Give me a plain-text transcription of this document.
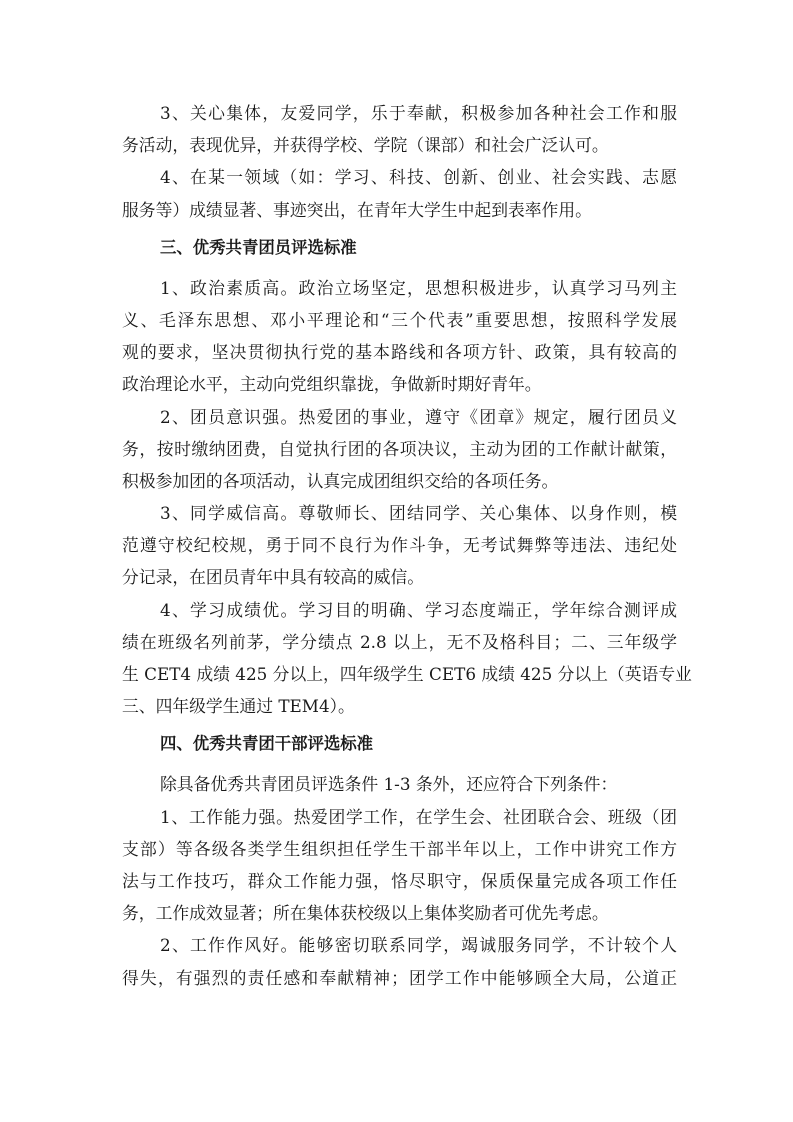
3、关心集体，友爱同学，乐于奉献，积极参加各种社会工作和服
务活动，表现优异，并获得学校、学院（课部）和社会广泛认可。
4、在某一领域（如：学习、科技、创新、创业、社会实践、志愿
服务等）成绩显著、事迹突出，在青年大学生中起到表率作用。
三、优秀共青团员评选标准
1、政治素质高。政治立场坚定，思想积极进步，认真学习马列主
义、毛泽东思想、邓小平理论和“三个代表”重要思想，按照科学发展
观的要求，坚决贯彻执行党的基本路线和各项方针、政策，具有较高的
政治理论水平，主动向党组织靠拢，争做新时期好青年。
2、团员意识强。热爱团的事业，遵守《团章》规定，履行团员义
务，按时缴纳团费，自觉执行团的各项决议，主动为团的工作献计献策，
积极参加团的各项活动，认真完成团组织交给的各项任务。
3、同学威信高。尊敬师长、团结同学、关心集体、以身作则，模
范遵守校纪校规，勇于同不良行为作斗争，无考试舞弊等违法、违纪处
分记录，在团员青年中具有较高的威信。
4、学习成绩优。学习目的明确、学习态度端正，学年综合测评成
绩在班级名列前茅，学分绩点 2.8 以上，无不及格科目；二、三年级学
生 CET4 成绩 425 分以上，四年级学生 CET6 成绩 425 分以上（英语专业
三、四年级学生通过 TEM4）。
四、优秀共青团干部评选标准
除具备优秀共青团员评选条件 1-3 条外，还应符合下列条件：
1、工作能力强。热爱团学工作，在学生会、社团联合会、班级（团
支部）等各级各类学生组织担任学生干部半年以上，工作中讲究工作方
法与工作技巧，群众工作能力强，恪尽职守，保质保量完成各项工作任
务，工作成效显著；所在集体获校级以上集体奖励者可优先考虑。
2、工作作风好。能够密切联系同学，竭诚服务同学，不计较个人
得失，有强烈的责任感和奉献精神；团学工作中能够顾全大局，公道正
